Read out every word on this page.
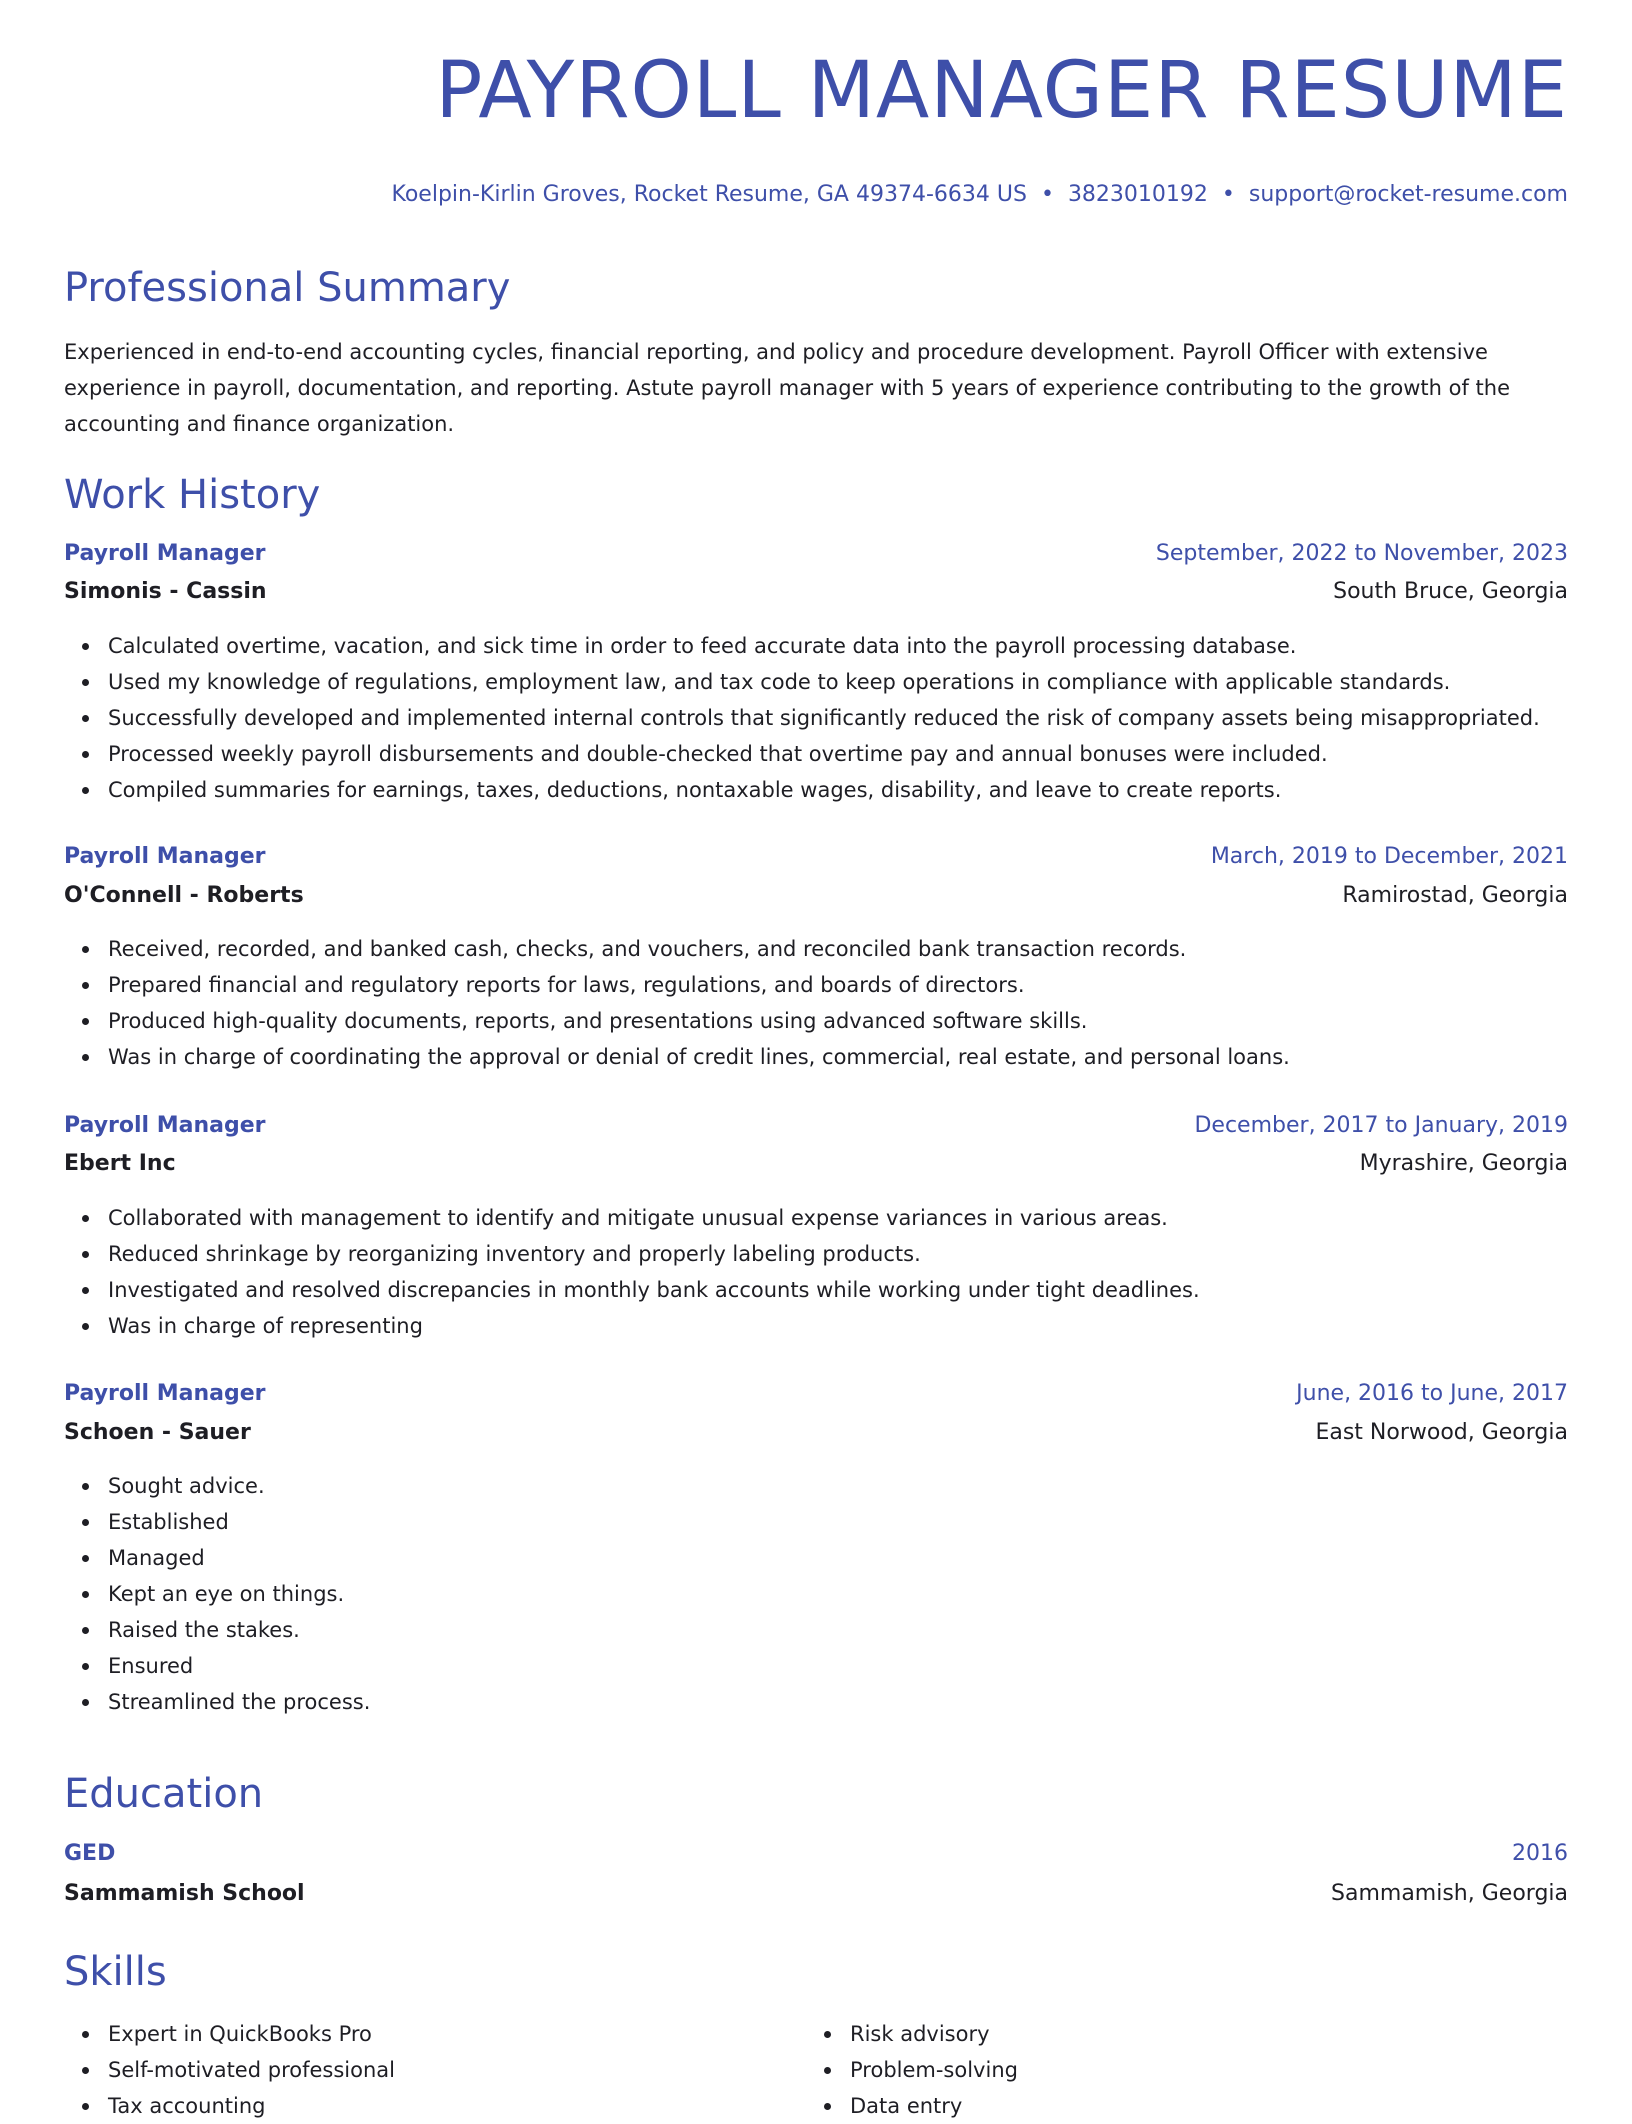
PAYROLL MANAGER RESUME
Koelpin-Kirlin Groves, Rocket Resume, GA 49374-6634 US • 3823010192 • support@rocket-resume.com
Professional Summary

Experienced in end-to-end accounting cycles, financial reporting, and policy and procedure development. Payroll Officer with extensive experience in payroll, documentation, and reporting. Astute payroll manager with 5 years of experience contributing to the growth of the accounting and finance organization.

Work History
Payroll Manager	September, 2022 to November, 2023
Simonis - Cassin	South Bruce, Georgia
Calculated overtime, vacation, and sick time in order to feed accurate data into the payroll processing database.
Used my knowledge of regulations, employment law, and tax code to keep operations in compliance with applicable standards.
Successfully developed and implemented internal controls that significantly reduced the risk of company assets being misappropriated.
Processed weekly payroll disbursements and double-checked that overtime pay and annual bonuses were included.
Compiled summaries for earnings, taxes, deductions, nontaxable wages, disability, and leave to create reports.
Payroll Manager	March, 2019 to December, 2021
O'Connell - Roberts	Ramirostad, Georgia
Received, recorded, and banked cash, checks, and vouchers, and reconciled bank transaction records.
Prepared financial and regulatory reports for laws, regulations, and boards of directors.
Produced high-quality documents, reports, and presentations using advanced software skills.
Was in charge of coordinating the approval or denial of credit lines, commercial, real estate, and personal loans.
Payroll Manager	December, 2017 to January, 2019
Ebert Inc	Myrashire, Georgia
Collaborated with management to identify and mitigate unusual expense variances in various areas.
Reduced shrinkage by reorganizing inventory and properly labeling products.
Investigated and resolved discrepancies in monthly bank accounts while working under tight deadlines.
Was in charge of representing
Payroll Manager	June, 2016 to June, 2017
Schoen - Sauer	East Norwood, Georgia
Sought advice.
Established
Managed
Kept an eye on things.
Raised the stakes.
Ensured
Streamlined the process.
Education
GED	2016
Sammamish School	Sammamish, Georgia
Skills
Expert in QuickBooks Pro
Self-motivated professional
Tax accounting
Risk advisory
Problem-solving
Data entry
